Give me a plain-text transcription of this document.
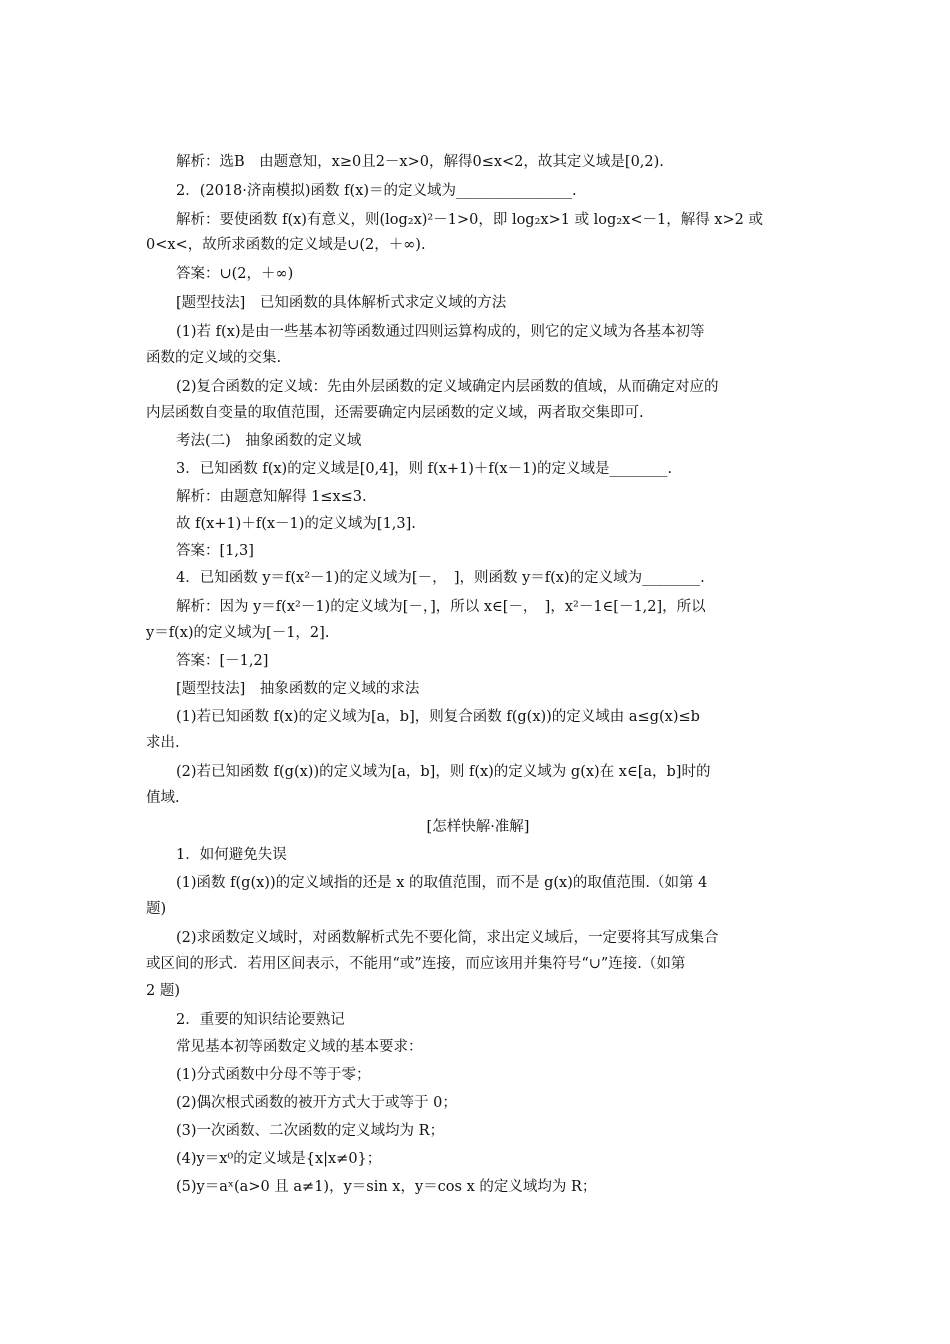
解析：选B　由题意知，x≥0且2－x>0，解得0≤x<2，故其定义域是[0,2).
2．(2018·济南模拟)函数 f(x)＝的定义域为________________.
解析：要使函数 f(x)有意义，则(log₂x)²－1>0，即 log₂x>1 或 log₂x<－1，解得 x>2 或
0<x<，故所求函数的定义域是∪(2，＋∞).
答案：∪(2，＋∞)
[题型技法]　已知函数的具体解析式求定义域的方法
(1)若 f(x)是由一些基本初等函数通过四则运算构成的，则它的定义域为各基本初等
函数的定义域的交集.
(2)复合函数的定义域：先由外层函数的定义域确定内层函数的值域，从而确定对应的
内层函数自变量的取值范围，还需要确定内层函数的定义域，两者取交集即可.
考法(二)　抽象函数的定义域
3．已知函数 f(x)的定义域是[0,4]，则 f(x+1)＋f(x－1)的定义域是________.
解析：由题意知解得 1≤x≤3.
故 f(x+1)＋f(x－1)的定义域为[1,3].
答案：[1,3]
4．已知函数 y＝f(x²－1)的定义域为[－，　]，则函数 y＝f(x)的定义域为________.
解析：因为 y＝f(x²－1)的定义域为[－，]，所以 x∈[－，　]，x²－1∈[－1,2]，所以
y＝f(x)的定义域为[－1，2].
答案：[－1,2]
[题型技法]　抽象函数的定义域的求法
(1)若已知函数 f(x)的定义域为[a，b]，则复合函数 f(g(x))的定义域由 a≤g(x)≤b
求出.
(2)若已知函数 f(g(x))的定义域为[a，b]，则 f(x)的定义域为 g(x)在 x∈[a，b]时的
值域.
[怎样快解·准解]
1．如何避免失误
(1)函数 f(g(x))的定义域指的还是 x 的取值范围，而不是 g(x)的取值范围.（如第 4
题)
(2)求函数定义域时，对函数解析式先不要化简，求出定义域后，一定要将其写成集合
或区间的形式．若用区间表示，不能用“或”连接，而应该用并集符号“∪”连接.（如第
2 题)
2．重要的知识结论要熟记
常见基本初等函数定义域的基本要求：
(1)分式函数中分母不等于零；
(2)偶次根式函数的被开方式大于或等于 0；
(3)一次函数、二次函数的定义域均为 R；
(4)y＝x⁰的定义域是{x|x≠0}；
(5)y＝aˣ(a>0 且 a≠1)，y＝sin x，y＝cos x 的定义域均为 R；
